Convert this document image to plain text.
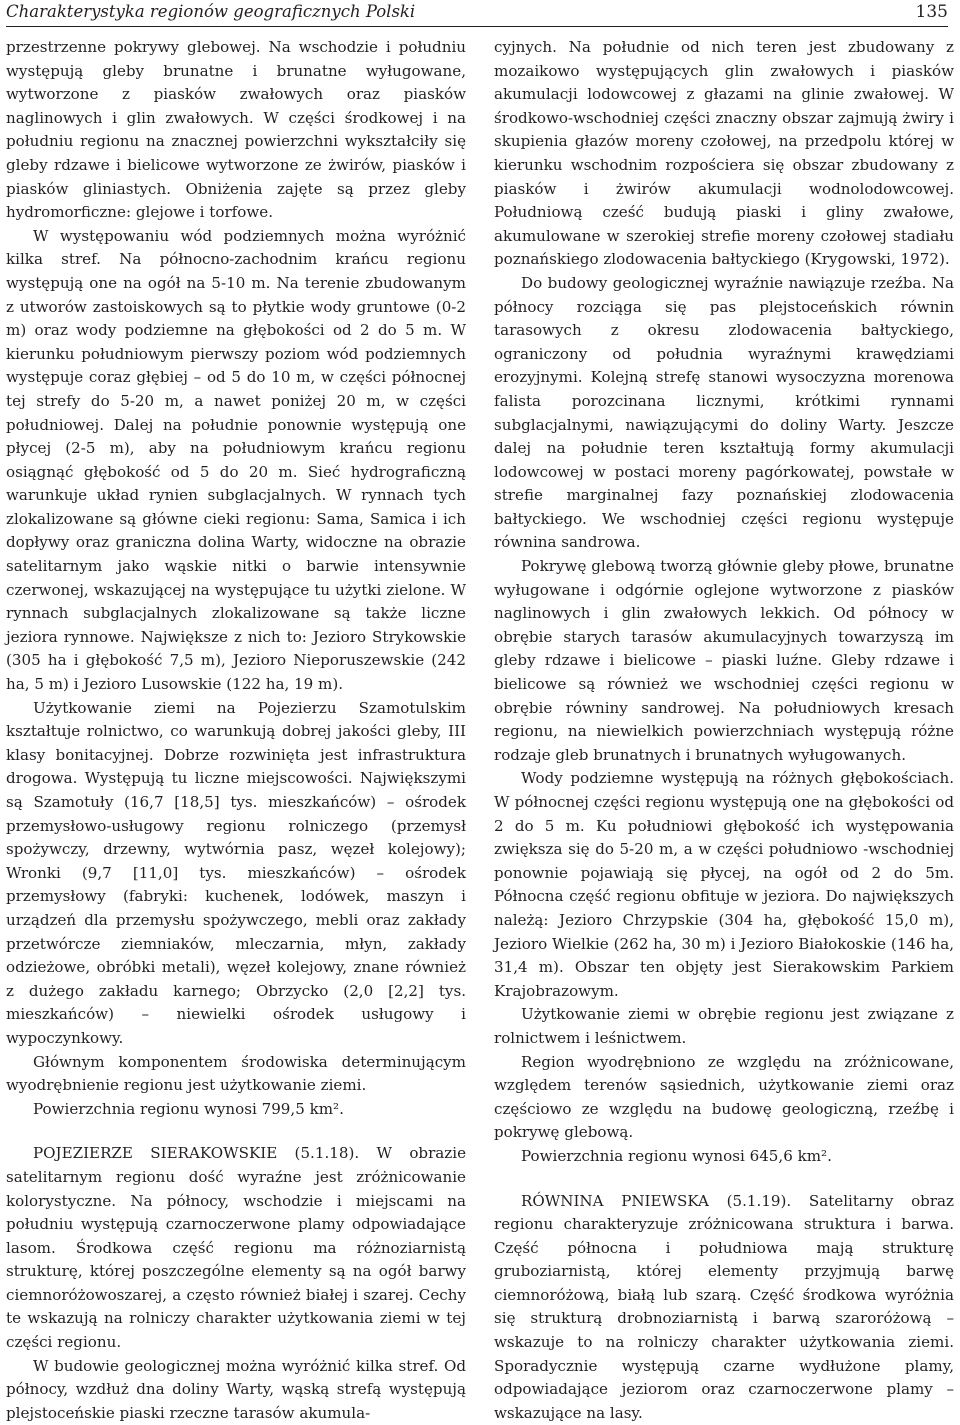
Charakterystyka regionów geograficznych Polski	135

przestrzenne pokrywy glebowej. Na wschodzie i południu występują gleby brunatne i brunatne wyługowane, wytworzone z piasków zwałowych oraz piasków naglinowych i glin zwałowych. W części środkowej i na południu regionu na znacznej powierzchni wykształciły się gleby rdzawe i bielicowe wytworzone ze żwirów, piasków i piasków gliniastych. Obniżenia zajęte są przez gleby hydromorficzne: glejowe i torfowe.

W występowaniu wód podziemnych można wyróżnić kilka stref. Na północno-zachodnim krańcu regionu występują one na ogół na 5-10 m. Na terenie zbudowanym z utworów zastoiskowych są to płytkie wody gruntowe (0-2 m) oraz wody podziemne na głębokości od 2 do 5 m. W kierunku południowym pierwszy poziom wód podziemnych występuje coraz głębiej – od 5 do 10 m, w części północnej tej strefy do 5-20 m, a nawet poniżej 20 m, w części południowej. Dalej na południe ponownie występują one płycej (2-5 m), aby na południowym krańcu regionu osiągnąć głębokość od 5 do 20 m. Sieć hydrograficzną warunkuje układ rynien subglacjalnych. W rynnach tych zlokalizowane są główne cieki regionu: Sama, Samica i ich dopływy oraz graniczna dolina Warty, widoczne na obrazie satelitarnym jako wąskie nitki o barwie intensywnie czerwonej, wskazującej na występujące tu użytki zielone. W rynnach subglacjalnych zlokalizowane są także liczne jeziora rynnowe. Największe z nich to: Jezioro Strykowskie (305 ha i głębokość 7,5 m), Jezioro Nieporuszewskie (242 ha, 5 m) i Jezioro Lusowskie (122 ha, 19 m).

Użytkowanie ziemi na Pojezierzu Szamotulskim kształtuje rolnictwo, co warunkują dobrej jakości gleby, III klasy bonitacyjnej. Dobrze rozwinięta jest infrastruktura drogowa. Występują tu liczne miejscowości. Największymi są Szamotuły (16,7 [18,5] tys. mieszkańców) – ośrodek przemysłowo-usługowy regionu rolniczego (przemysł spożywczy, drzewny, wytwórnia pasz, węzeł kolejowy); Wronki (9,7 [11,0] tys. mieszkańców) – ośrodek przemysłowy (fabryki: kuchenek, lodówek, maszyn i urządzeń dla przemysłu spożywczego, mebli oraz zakłady przetwórcze ziemniaków, mleczarnia, młyn, zakłady odzieżowe, obróbki metali), węzeł kolejowy, znane również z dużego zakładu karnego; Obrzycko (2,0 [2,2] tys. mieszkańców) – niewielki ośrodek usługowy i wypoczynkowy.

Głównym komponentem środowiska determinującym wyodrębnienie regionu jest użytkowanie ziemi.

Powierzchnia regionu wynosi 799,5 km².

POJEZIERZE SIERAKOWSKIE (5.1.18). W obrazie satelitarnym regionu dość wyraźne jest zróżnicowanie kolorystyczne. Na północy, wschodzie i miejscami na południu występują czarnoczerwone plamy odpowiadające lasom. Środkowa część regionu ma różnoziarnistą strukturę, której poszczególne elementy są na ogół barwy ciemnoróżowoszarej, a często również białej i szarej. Cechy te wskazują na rolniczy charakter użytkowania ziemi w tej części regionu.

W budowie geologicznej można wyróżnić kilka stref. Od północy, wzdłuż dna doliny Warty, wąską strefą występują plejstoceńskie piaski rzeczne tarasów akumula-

cyjnych. Na południe od nich teren jest zbudowany z mozaikowo występujących glin zwałowych i piasków akumulacji lodowcowej z głazami na glinie zwałowej. W środkowo-wschodniej części znaczny obszar zajmują żwiry i skupienia głazów moreny czołowej, na przedpolu której w kierunku wschodnim rozpościera się obszar zbudowany z piasków i żwirów akumulacji wodnolodowcowej. Południową cześć budują piaski i gliny zwałowe, akumulowane w szerokiej strefie moreny czołowej stadiału poznańskiego zlodowacenia bałtyckiego (Krygowski, 1972).

Do budowy geologicznej wyraźnie nawiązuje rzeźba. Na północy rozciąga się pas plejstoceńskich równin tarasowych z okresu zlodowacenia bałtyckiego, ograniczony od południa wyraźnymi krawędziami erozyjnymi. Kolejną strefę stanowi wysoczyzna morenowa falista porozcinana licznymi, krótkimi rynnami subglacjalnymi, nawiązującymi do doliny Warty. Jeszcze dalej na południe teren kształtują formy akumulacji lodowcowej w postaci moreny pagórkowatej, powstałe w strefie marginalnej fazy poznańskiej zlodowacenia bałtyckiego. We wschodniej części regionu występuje równina sandrowa.

Pokrywę glebową tworzą głównie gleby płowe, brunatne wyługowane i odgórnie oglejone wytworzone z piasków naglinowych i glin zwałowych lekkich. Od północy w obrębie starych tarasów akumulacyjnych towarzyszą im gleby rdzawe i bielicowe – piaski luźne. Gleby rdzawe i bielicowe są również we wschodniej części regionu w obrębie równiny sandrowej. Na południowych kresach regionu, na niewielkich powierzchniach występują różne rodzaje gleb brunatnych i brunatnych wyługowanych.

Wody podziemne występują na różnych głębokościach. W północnej części regionu występują one na głębokości od 2 do 5 m. Ku południowi głębokość ich występowania zwiększa się do 5-20 m, a w części południowo -wschodniej ponownie pojawiają się płycej, na ogół od 2 do 5m. Północna część regionu obfituje w jeziora. Do największych należą: Jezioro Chrzypskie (304 ha, głębokość 15,0 m), Jezioro Wielkie (262 ha, 30 m) i Jezioro Białokoskie (146 ha, 31,4 m). Obszar ten objęty jest Sierakowskim Parkiem Krajobrazowym.

Użytkowanie ziemi w obrębie regionu jest związane z rolnictwem i leśnictwem.

Region wyodrębniono ze względu na zróżnicowane, względem terenów sąsiednich, użytkowanie ziemi oraz częściowo ze względu na budowę geologiczną, rzeźbę i pokrywę glebową.

Powierzchnia regionu wynosi 645,6 km².

RÓWNINA PNIEWSKA (5.1.19). Satelitarny obraz regionu charakteryzuje zróżnicowana struktura i barwa. Część północna i południowa mają strukturę grubοziarnistą, której elementy przyjmują barwę ciemnoróżową, białą lub szarą. Część środkowa wyróżnia się strukturą drobnoziarnistą i barwą szaroróżową – wskazuje to na rolniczy charakter użytkowania ziemi. Sporadycznie występują czarne wydłużone plamy, odpowiadające jeziorom oraz czarnoczerwone plamy – wskazujące na lasy.
